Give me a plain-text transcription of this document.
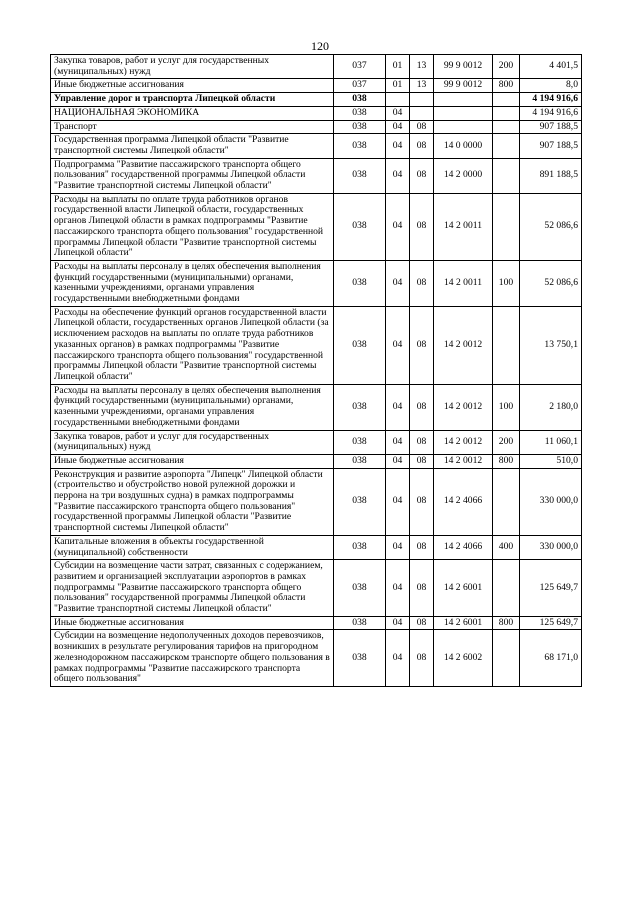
120
Закупка товаров, работ и услуг для государственных (муниципальных) нужд	037	01	13	99 9 0012	200	4 401,5
Иные бюджетные ассигнования	037	01	13	99 9 0012	800	8,0
Управление дорог и транспорта Липецкой области	038					4 194 916,6
НАЦИОНАЛЬНАЯ ЭКОНОМИКА	038	04				4 194 916,6
Транспорт	038	04	08			907 188,5
Государственная программа Липецкой области "Развитие транспортной системы Липецкой области"	038	04	08	14 0 0000		907 188,5
Подпрограмма "Развитие пассажирского транспорта общего пользования" государственной программы Липецкой области "Развитие транспортной системы Липецкой области"	038	04	08	14 2 0000		891 188,5
Расходы на выплаты по оплате труда работников органов государственной власти Липецкой области, государственных органов Липецкой области в рамках подпрограммы "Развитие пассажирского транспорта общего пользования" государственной программы Липецкой области "Развитие транспортной системы Липецкой области"	038	04	08	14 2 0011		52 086,6
Расходы на выплаты персоналу в целях обеспечения выполнения функций государственными (муниципальными) органами, казенными учреждениями, органами управления государственными внебюджетными фондами	038	04	08	14 2 0011	100	52 086,6
Расходы на обеспечение функций органов государственной власти Липецкой области, государственных органов Липецкой области (за исключением расходов на выплаты по оплате труда работников указанных органов) в рамках подпрограммы "Развитие пассажирского транспорта общего пользования" государственной программы Липецкой области "Развитие транспортной системы Липецкой области"	038	04	08	14 2 0012		13 750,1
Расходы на выплаты персоналу в целях обеспечения выполнения функций государственными (муниципальными) органами, казенными учреждениями, органами управления государственными внебюджетными фондами	038	04	08	14 2 0012	100	2 180,0
Закупка товаров, работ и услуг для государственных (муниципальных) нужд	038	04	08	14 2 0012	200	11 060,1
Иные бюджетные ассигнования	038	04	08	14 2 0012	800	510,0
Реконструкция и развитие аэропорта "Липецк" Липецкой области (строительство и обустройство новой рулежной дорожки и перрона на три воздушных судна) в рамках подпрограммы "Развитие пассажирского транспорта общего пользования" государственной программы Липецкой области "Развитие транспортной системы Липецкой области"	038	04	08	14 2 4066		330 000,0
Капитальные вложения в объекты государственной (муниципальной) собственности	038	04	08	14 2 4066	400	330 000,0
Субсидии на возмещение части затрат, связанных с содержанием, развитием и организацией эксплуатации аэропортов в рамках подпрограммы "Развитие пассажирского транспорта общего пользования" государственной программы Липецкой области "Развитие транспортной системы Липецкой области"	038	04	08	14 2 6001		125 649,7
Иные бюджетные ассигнования	038	04	08	14 2 6001	800	125 649,7
Субсидии на возмещение недополученных доходов перевозчиков, возникших в результате регулирования тарифов на пригородном железнодорожном пассажирском транспорте общего пользования в рамках подпрограммы "Развитие пассажирского транспорта общего пользования"	038	04	08	14 2 6002		68 171,0
